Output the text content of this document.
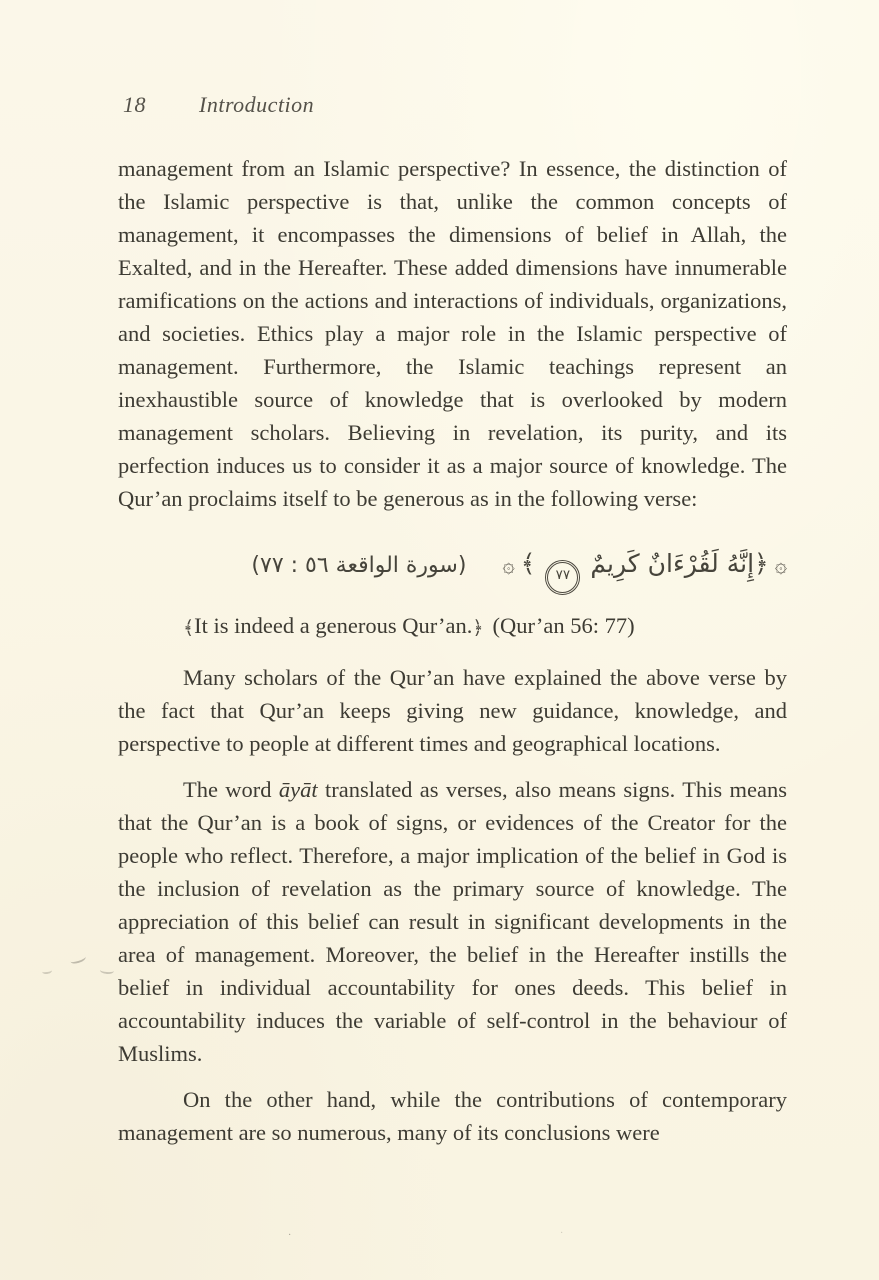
18 Introduction

management from an Islamic perspective? In essence, the distinction of the Islamic perspective is that, unlike the common concepts of management, it encompasses the dimensions of belief in Allah, the Exalted, and in the Hereafter. These added dimensions have innumerable ramifications on the actions and interactions of individuals, organizations, and societies. Ethics play a major role in the Islamic perspective of management. Furthermore, the Islamic teachings represent an inexhaustible source of knowledge that is overlooked by modern management scholars. Believing in revelation, its purity, and its perfection induces us to consider it as a major source of knowledge. The Qur’an proclaims itself to be generous as in the following verse:

۞﴿إِنَّهُ لَقُرْءَانٌ كَرِيمٌ٧٧﴾۞(سورة الواقعة ٥٦ : ٧٧)

﴾It is indeed a generous Qur’an.﴿ (Qur’an 56: 77)

Many scholars of the Qur’an have explained the above verse by the fact that Qur’an keeps giving new guidance, knowledge, and perspective to people at different times and geographical locations.

The word āyāt translated as verses, also means signs. This means that the Qur’an is a book of signs, or evidences of the Creator for the people who reflect. Therefore, a major implication of the belief in God is the inclusion of revelation as the primary source of knowledge. The appreciation of this belief can result in significant developments in the area of management. Moreover, the belief in the Hereafter instills the belief in individual accountability for ones deeds. This belief in accountability induces the variable of self-control in the behaviour of Muslims.

On the other hand, while the contributions of contemporary management are so numerous, many of its conclusions were

·	·
